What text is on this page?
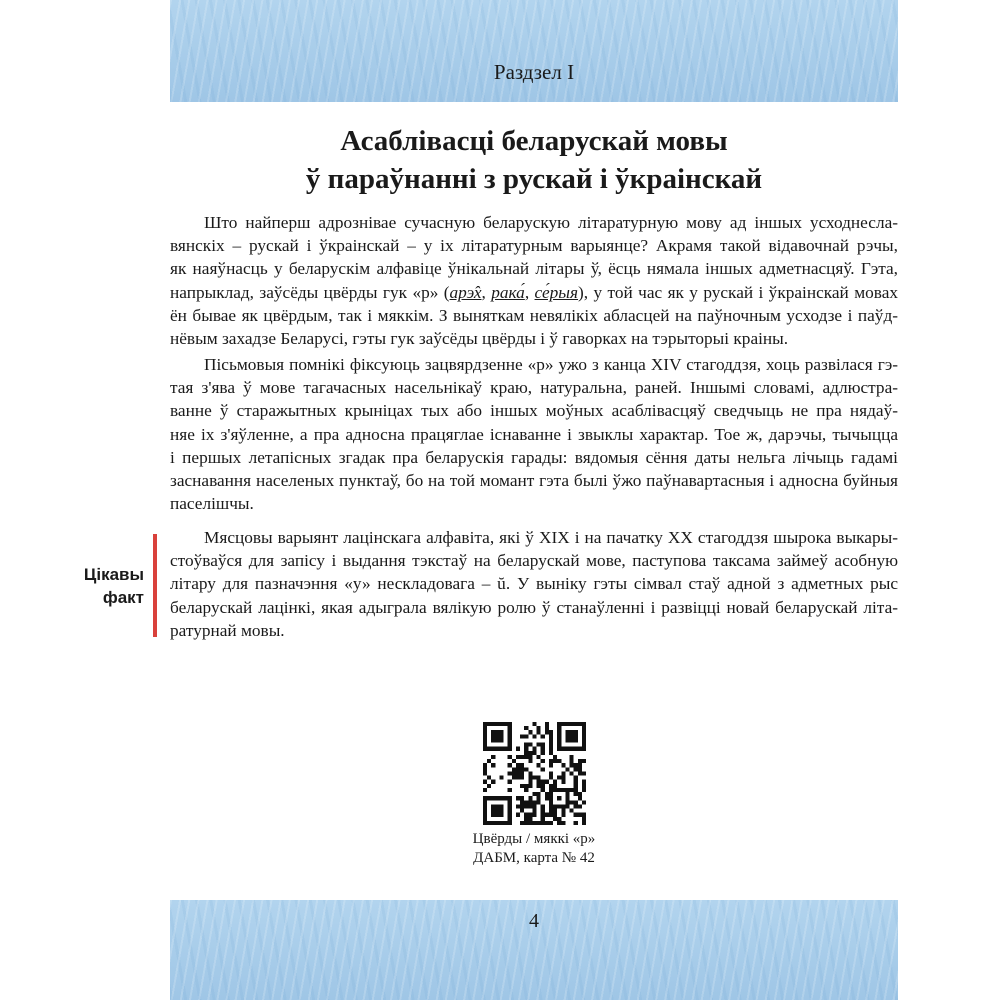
Раздзел І
Асаблівасці беларускай мовы
ў параўнанні з рускай і ўкраінскай
Што найперш адрознівае сучасную беларускую літаратурную мову ад іншых усходнесла-
вянскіх – рускай і ўкраінскай – у іх літаратурным варыянце? Акрамя такой відавочнай рэчы,
як наяўнасць у беларускім алфавіце ўнікальнай літары ў, ёсць нямала іншых адметнасцяў. Гэта,
напрыклад, заўсёды цвёрды гук «р» (арэ̂х, рака́, се́рыя), у той час як у рускай і ўкраінскай мовах
ён бывае як цвёрдым, так і мяккім. З выняткам невялікіх абласцей на паўночным усходзе і паўд-
нёвым захадзе Беларусі, гэты гук заўсёды цвёрды і ў гаворках на тэрыторыі краіны.
Пісьмовыя помнікі фіксуюць зацвярдзенне «р» ужо з канца XIV стагоддзя, хоць развілася гэ-
тая з'ява ў мове тагачасных насельнікаў краю, натуральна, раней. Іншымі словамі, адлюстра-
ванне ў старажытных крыніцах тых або іншых моўных асаблівасцяў сведчыць не пра нядаў-
няе іх з'яўленне, а пра адносна працяглае існаванне і звыклы характар. Тое ж, дарэчы, тычыцца
і першых летапісных згадак пра беларускія гарады: вядомыя сёння даты нельга лічыць гадамі
заснавання населеных пунктаў, бо на той момант гэта былі ўжо паўнавартасныя і адносна буйныя
паселішчы.
Цікавы
факт
Мясцовы варыянт лацінскага алфавіта, які ў XIX і на пачатку XX стагоддзя шырока выкары-
стоўваўся для запісу і выдання тэкстаў на беларускай мове, паступова таксама займеў асобную
літару для пазначэння «у» нескладовага – ŭ. У выніку гэты сімвал стаў адной з адметных рыс
беларускай лацінкі, якая адыграла вялікую ролю ў станаўленні і развіцці новай беларускай літа-
ратурнай мовы.
Цвёрды / мяккі «р»
ДАБМ, карта № 42
4
